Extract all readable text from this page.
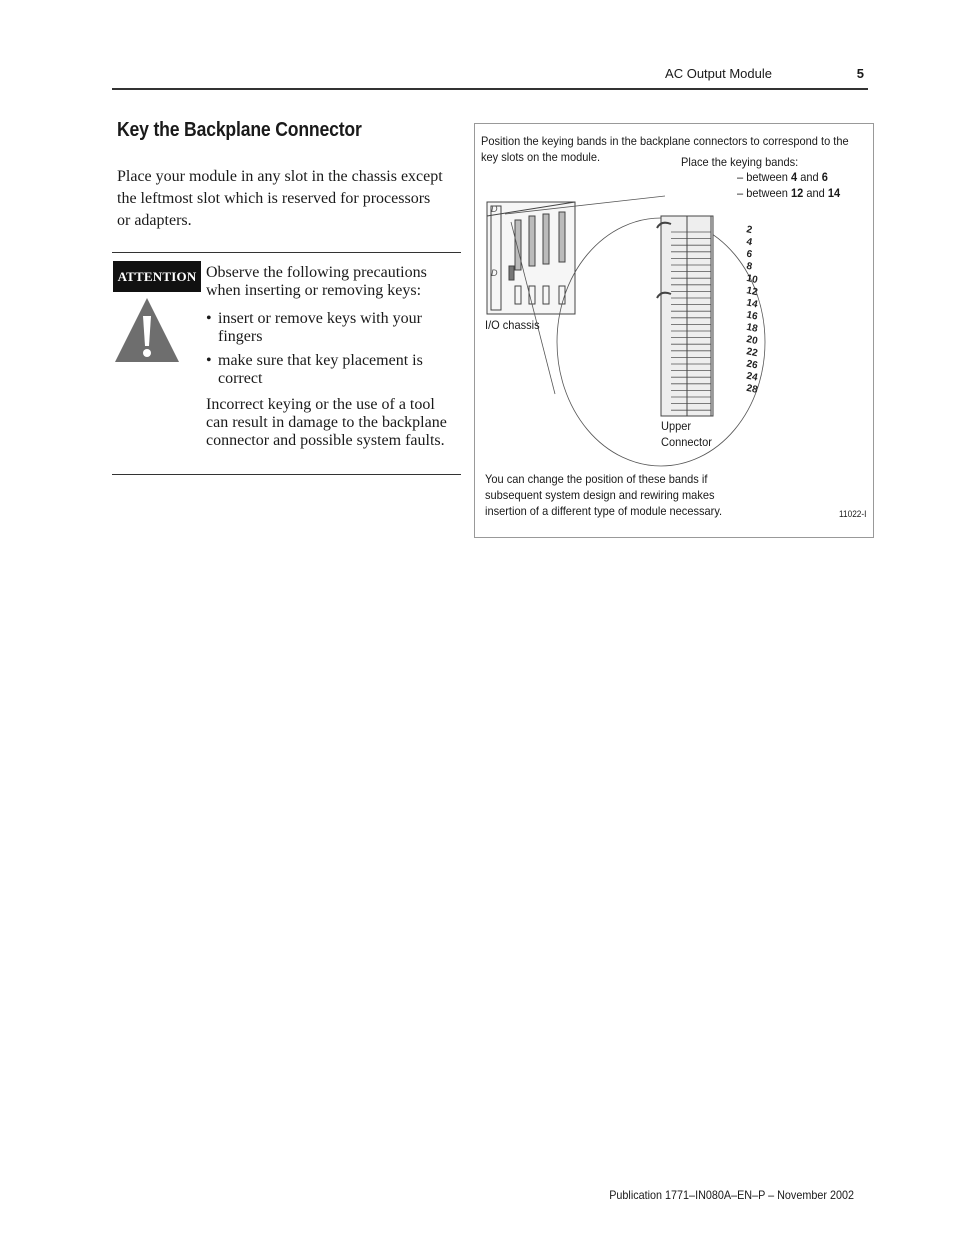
AC Output Module	5
Key the Backplane Connector

Place your module in any slot in the chassis except the leftmost slot which is reserved for processors or adapters.

ATTENTION Observe the following precautions when inserting or removing keys:

• insert or remove keys with your fingers
• make sure that key placement is correct

Incorrect keying or the use of a tool can result in damage to the backplane connector and possible system faults.

D
D
2
4
6
8
10
12
14
16
18
20
22
26
24
28
Position the keying bands in the backplane connectors to correspond to the key slots on the module.	Place the keying bands:
– between 4 and 6
– between 12 and 14
I/O chassis
Upper
Connector
You can change the position of these bands if subsequent system design and rewiring makes insertion of a different type of module necessary.	11022-I
Publication 1771–IN080A–EN–P – November 2002
